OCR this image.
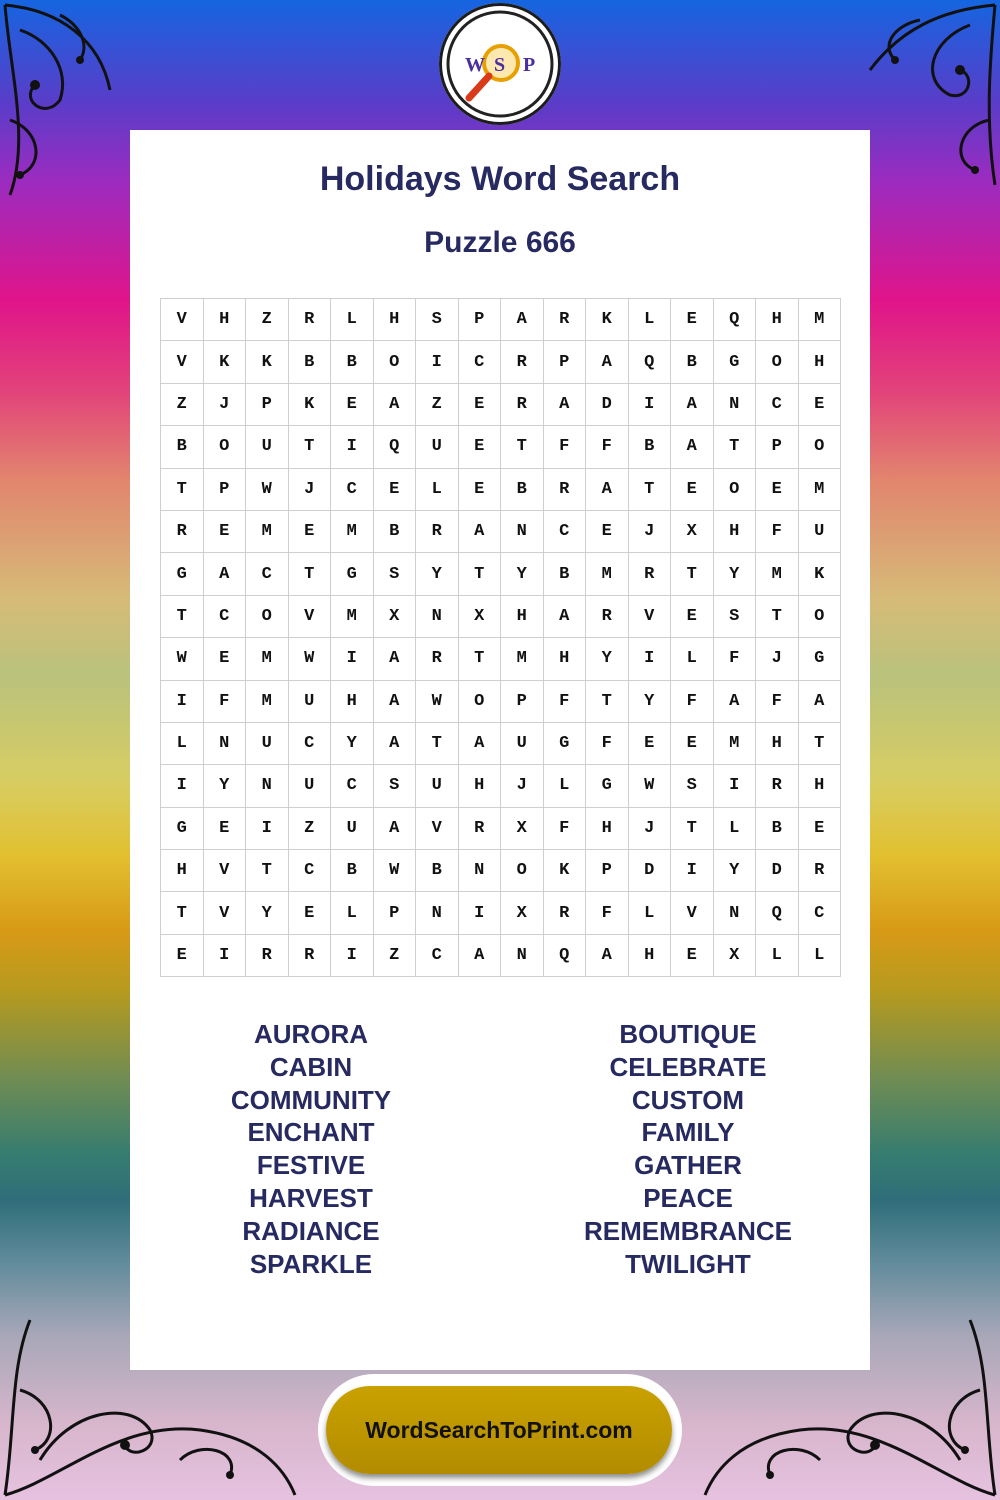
W S P
Holidays Word Search
Puzzle 666
V	H	Z	R	L	H	S	P	A	R	K	L	E	Q	H	M
V	K	K	B	B	O	I	C	R	P	A	Q	B	G	O	H
Z	J	P	K	E	A	Z	E	R	A	D	I	A	N	C	E
B	O	U	T	I	Q	U	E	T	F	F	B	A	T	P	O
T	P	W	J	C	E	L	E	B	R	A	T	E	O	E	M
R	E	M	E	M	B	R	A	N	C	E	J	X	H	F	U
G	A	C	T	G	S	Y	T	Y	B	M	R	T	Y	M	K
T	C	O	V	M	X	N	X	H	A	R	V	E	S	T	O
W	E	M	W	I	A	R	T	M	H	Y	I	L	F	J	G
I	F	M	U	H	A	W	O	P	F	T	Y	F	A	F	A
L	N	U	C	Y	A	T	A	U	G	F	E	E	M	H	T
I	Y	N	U	C	S	U	H	J	L	G	W	S	I	R	H
G	E	I	Z	U	A	V	R	X	F	H	J	T	L	B	E
H	V	T	C	B	W	B	N	O	K	P	D	I	Y	D	R
T	V	Y	E	L	P	N	I	X	R	F	L	V	N	Q	C
E	I	R	R	I	Z	C	A	N	Q	A	H	E	X	L	L
AURORA
CABIN
COMMUNITY
ENCHANT
FESTIVE
HARVEST
RADIANCE
SPARKLE
BOUTIQUE
CELEBRATE
CUSTOM
FAMILY
GATHER
PEACE
REMEMBRANCE
TWILIGHT
WordSearchToPrint.com
